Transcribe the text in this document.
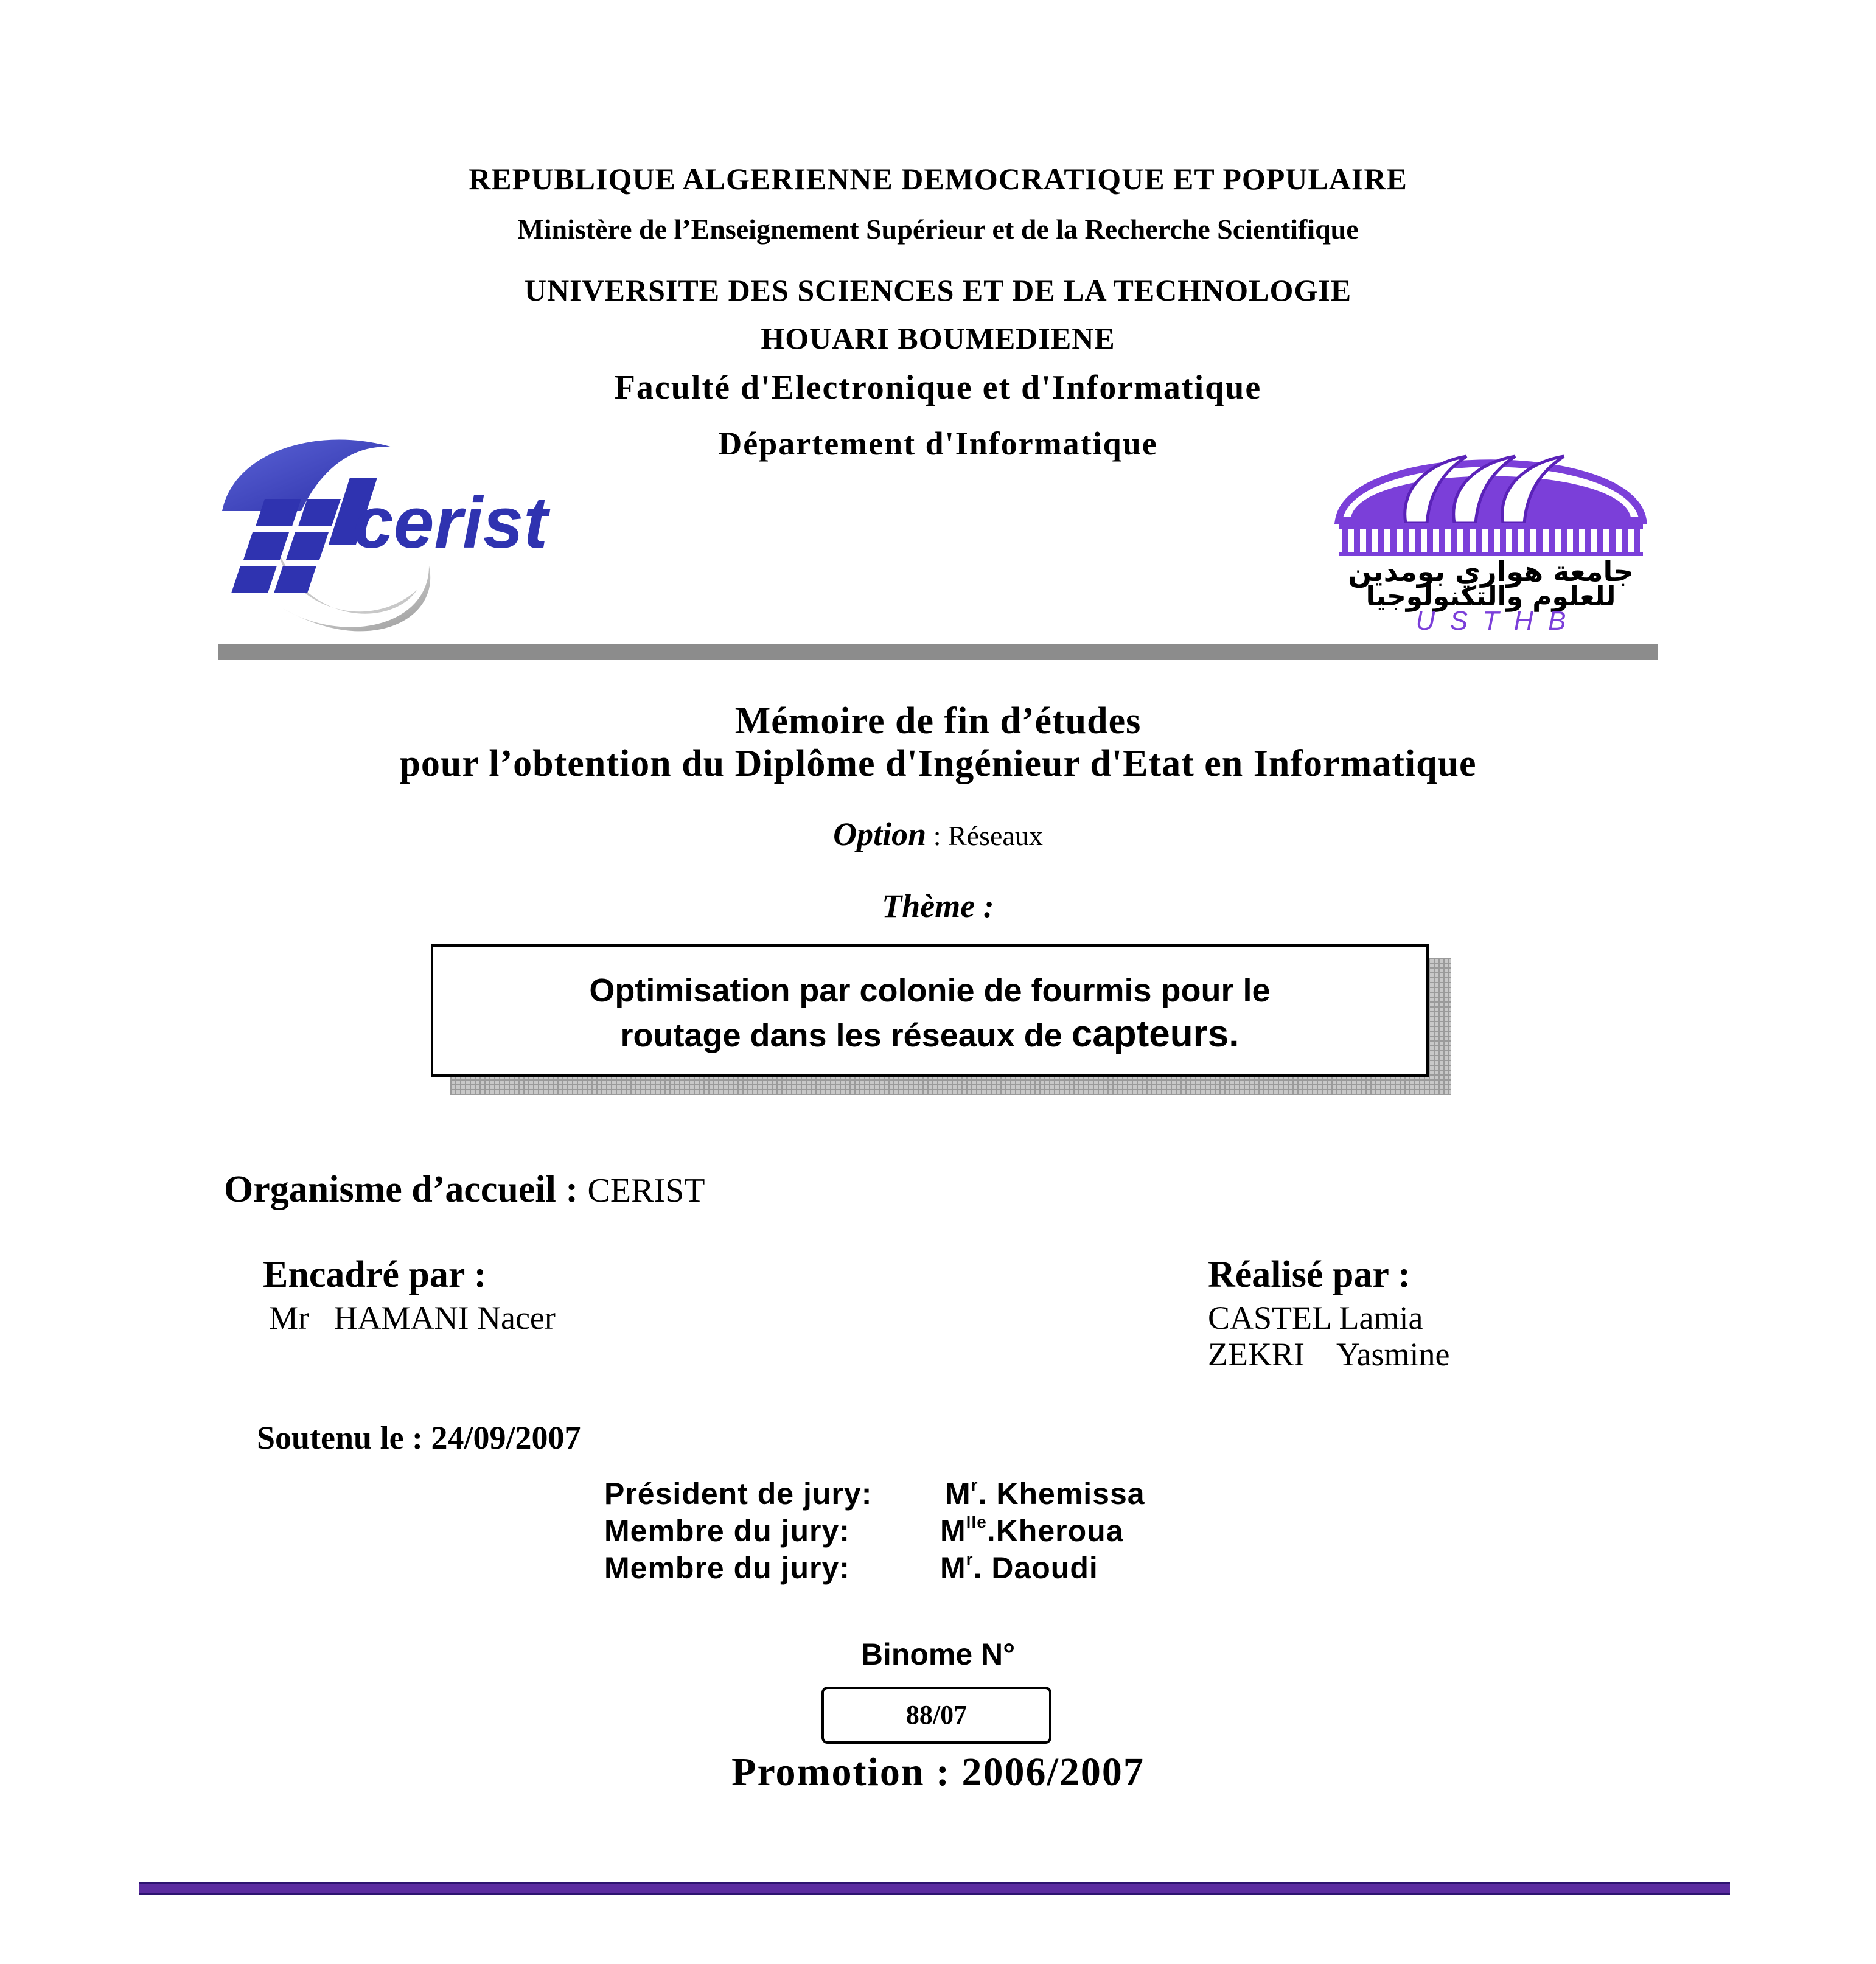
REPUBLIQUE ALGERIENNE DEMOCRATIQUE ET POPULAIRE
Ministère de l’Enseignement Supérieur et de la Recherche Scientifique
UNIVERSITE DES SCIENCES ET DE LA TECHNOLOGIE
HOUARI BOUMEDIENE
Faculté d'Electronique et d'Informatique
Département d'Informatique
cerist
جامعة هواري بومدين
للعلوم والتكنولوجيا
U  S  T  H  B
Mémoire de fin d’études
pour l’obtention du Diplôme d'Ingénieur d'Etat en Informatique
Option : Réseaux
Thème :
Optimisation par colonie de fourmis pour le
routage dans les réseaux de capteurs.
Organisme d’accueil : CERIST
Encadré par :
Mr   HAMANI Nacer
Réalisé par :
CASTEL Lamia
ZEKRI    Yasmine
Soutenu le : 24/09/2007
Président de jury: $M^r$. Khemissa
Membre du jury:	$M^{lle}.Kheroua$
Membre du jury:	$M^r$. Daoudi
Binome N°
88/07
Promotion : 2006/2007
